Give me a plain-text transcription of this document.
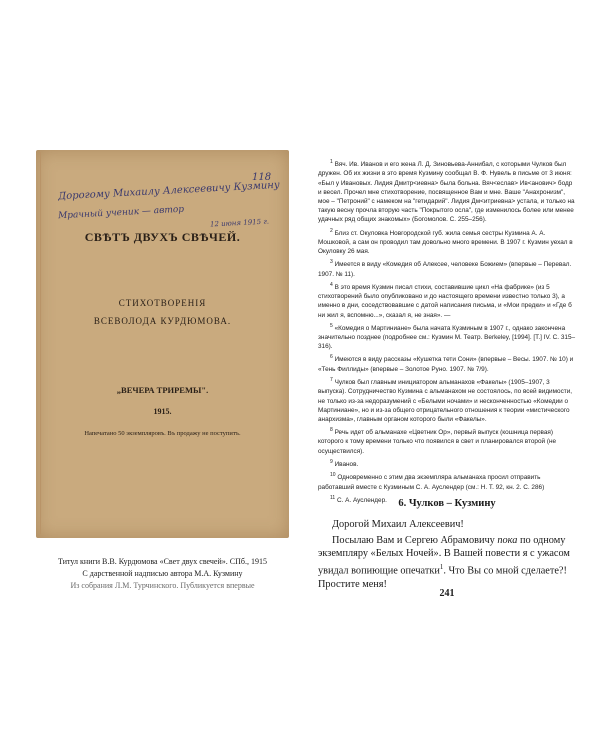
118
Дорогому Михаилу Алексеевичу Кузмину
Мрачный ученик — автор
12 июня 1915 г.
СВѢТЪ ДВУХЪ СВѢЧЕЙ.
СТИХОТВОРЕНIЯ
ВСЕВОЛОДА КУРДЮМОВА.
„ВЕЧЕРА ТРИРЕМЫ".
1915.
Напечатано 50 экземпляровъ. Въ продажу не поступитъ.
Титул книги В.В. Курдюмова «Свет двух свечей». СПб., 1915
С дарственной надписью автора М.А. Кузмину
Из собрания Л.М. Турчинского. Публикуется впервые

$^1$ Вяч. Ив. Иванов и его жена Л. Д. Зиновьева-Аннибал, с которыми Чулков был дружен. Об их жизни в это время Кузмину сообщал В. Ф. Нувель в письме от 3 июня: «Был у Ивановых. Лидия Дмитр<иевна> была больна. Вяч<еслав> Ив<анович> бодр и весел. Прочел мне стихотворение, посвященное Вам и мне. Ваше "Анахронизм", мое – "Петроний" с намеком на "гетидарий". Лидия Дм<итриевна> устала, и только на такую весну прочла вторую часть "Покрытого осла", где изменилось более или менее удачных ряд общих знакомых» (Богомолов. С. 255–256).

$^2$ Близ ст. Окуловка Новгородской губ. жила семья сестры Кузмина А. А. Мошковой, а сам он проводил там довольно много времени. В 1907 г. Кузмин уехал в Окуловку 26 мая.

$^3$ Имеется в виду «Комедия об Алексее, человеке Божием» (впервые – Перевал. 1907. № 11).

$^4$ В это время Кузмин писал стихи, составившие цикл «На фабрике» (из 5 стихотворений было опубликовано и до настоящего времени известно только 3), а именно в дни, соседствовавшие с датой написания письма, и «Мои предки» и «Где б ни жил я, вспомню...», сказал я, не зная». —

$^5$ «Комедия о Мартиниане» была начата Кузминым в 1907 г., однако закончена значительно позднее (подробнее см.: Кузмин М. Театр. Berkeley, [1994]. [Т.] IV. С. 315–316).

$^6$ Имеются в виду рассказы «Кушетка тети Сони» (впервые – Весы. 1907. № 10) и «Тень Филлиды» (впервые – Золотое Руно. 1907. № 7/9).

$^7$ Чулков был главным инициатором альманахов «Факелы» (1905–1907, 3 выпуска). Сотрудничество Кузмина с альманахом не состоялось, по всей видимости, не только из-за недоразумений с «Белыми ночами» и несконченностью «Комедии о Мартиниане», но и из-за общего отрицательного отношения к теории «мистического анархизма», главным органом которого были «Факелы».

$^8$ Речь идет об альманахе «Цветник Ор», первый выпуск (кошница первая) которого к тому времени только что появился в свет и планировался второй (не осуществился).

$^9$ Иванов.

$^{10}$ Одновременно с этим два экземпляра альманаха просил отправить работавший вместе с Кузминым С. А. Ауслендер (см.: Н. Т. 92, кн. 2. С. 286)

$^{11}$ С. А. Ауслендер.	6. Чулков – Кузмину
Дорогой Михаил Алексеевич!
Посылаю Вам и Сергею Абрамовичу пока по одному экземпляру «Белых Ночей». В Вашей повести я с ужасом увидал вопиющие опечатки$^1$. Что Вы со мной сделаете?! Простите меня!
241
